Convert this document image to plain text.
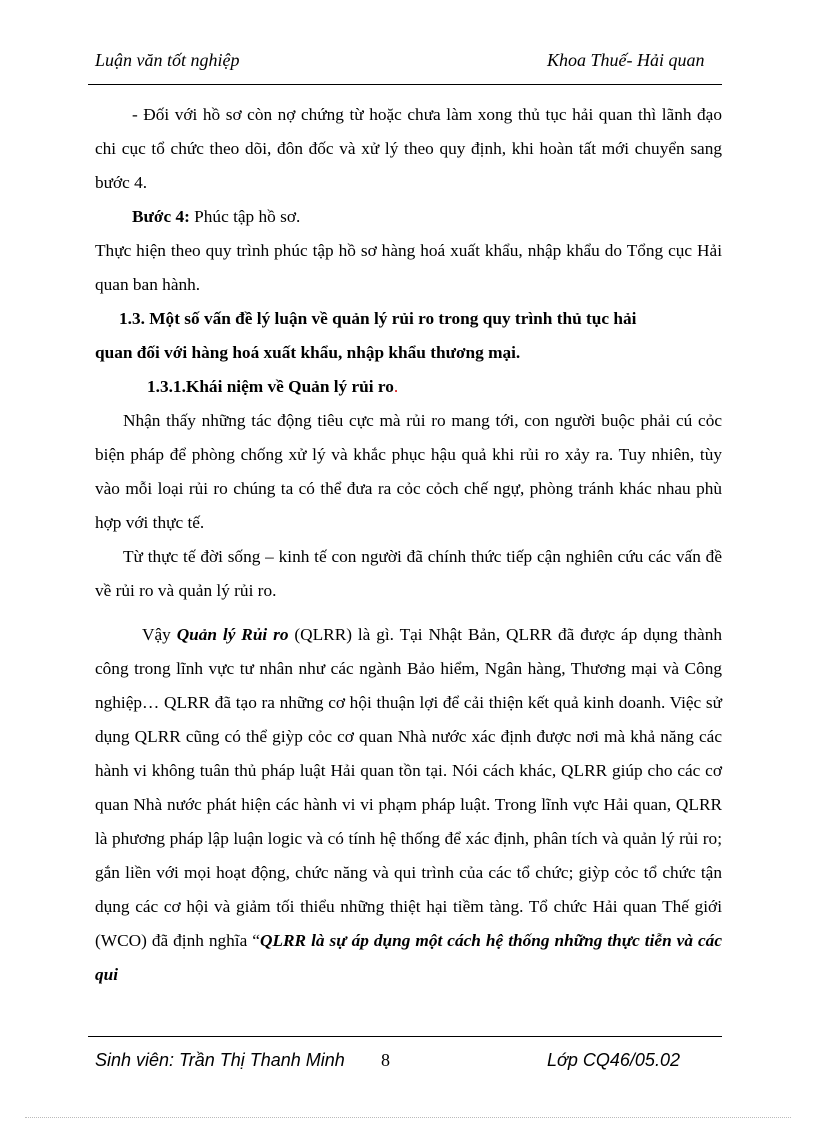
Luận văn tốt nghiệp	Khoa Thuế- Hải quan

- Đối với hồ sơ còn nợ chứng từ hoặc chưa làm xong thủ tục hải quan thì lãnh đạo chi cục tổ chức theo dõi, đôn đốc và xử lý theo quy định, khi hoàn tất mới chuyển sang bước 4.

Bước 4: Phúc tập hồ sơ.

Thực hiện theo quy trình phúc tập hồ sơ hàng hoá xuất khẩu, nhập khẩu do Tổng cục Hải quan ban hành.

1.3. Một số vấn đề lý luận về quản lý rủi ro trong quy trình thủ tục hải

quan đối với hàng hoá xuất khẩu, nhập khẩu thương mại.

1.3.1.Khái niệm về Quản lý rủi ro.

Nhận thấy những tác động tiêu cực mà rủi ro mang tới, con người buộc phải cú cỏc biện pháp để phòng chống xử lý và khắc phục hậu quả khi rủi ro xảy ra. Tuy nhiên, tùy vào mỗi loại rủi ro chúng ta có thể đưa ra cỏc cỏch chế ngự, phòng tránh khác nhau phù hợp với thực tế.

Từ thực tế đời sống – kinh tế con người đã chính thức tiếp cận nghiên cứu các vấn đề về rủi ro và quản lý rủi ro.

Vậy Quản lý Rủi ro (QLRR) là gì. Tại Nhật Bản, QLRR đã được áp dụng thành công trong lĩnh vực tư nhân như các ngành Bảo hiểm, Ngân hàng, Thương mại và Công nghiệp… QLRR đã tạo ra những cơ hội thuận lợi để cải thiện kết quả kinh doanh. Việc sử dụng QLRR cũng có thể giỳp cỏc cơ quan Nhà nước xác định được nơi mà khả năng các hành vi không tuân thủ pháp luật Hải quan tồn tại. Nói cách khác, QLRR giúp cho các cơ quan Nhà nước phát hiện các hành vi vi phạm pháp luật. Trong lĩnh vực Hải quan, QLRR là phương pháp lập luận logic và có tính hệ thống để xác định, phân tích và quản lý rủi ro; gắn liền với mọi hoạt động, chức năng và qui trình của các tổ chức; giỳp cỏc tổ chức tận dụng các cơ hội và giảm tối thiểu những thiệt hại tiềm tàng. Tổ chức Hải quan Thế giới (WCO) đã định nghĩa “QLRR là sự áp dụng một cách hệ thống những thực tiễn và các qui

Sinh viên: Trần Thị Thanh Minh 8	Lớp CQ46/05.02
